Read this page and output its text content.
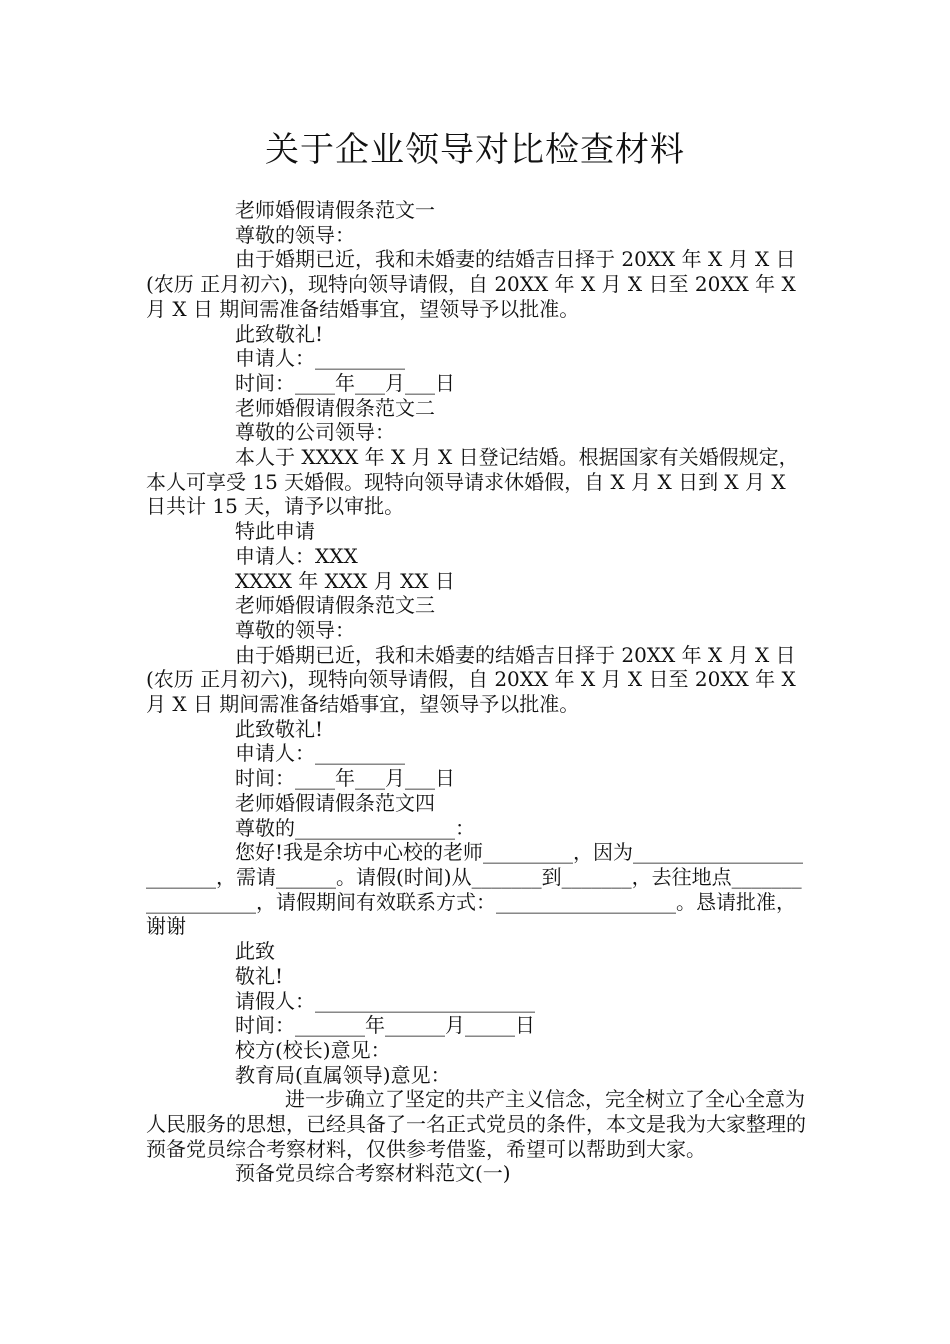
关于企业领导对比检查材料

老师婚假请假条范文一

尊敬的领导：

由于婚期已近，我和未婚妻的结婚吉日择于 20XX 年 X 月 X 日(农历 正月初六)，现特向领导请假，自 20XX 年 X 月 X 日至 20XX 年 X 月 X 日 期间需准备结婚事宜，望领导予以批准。

此致敬礼!

申请人：_________

时间：____年___月___日

老师婚假请假条范文二

尊敬的公司领导：

本人于 XXXX 年 X 月 X 日登记结婚。根据国家有关婚假规定，本人可享受 15 天婚假。现特向领导请求休婚假，自 X 月 X 日到 X 月 X 日共计 15 天，请予以审批。

特此申请

申请人：XXX

XXXX 年 XXX 月 XX 日

老师婚假请假条范文三

尊敬的领导：

由于婚期已近，我和未婚妻的结婚吉日择于 20XX 年 X 月 X 日(农历 正月初六)，现特向领导请假，自 20XX 年 X 月 X 日至 20XX 年 X 月 X 日 期间需准备结婚事宜，望领导予以批准。

此致敬礼!

申请人：_________

时间：____年___月___日

老师婚假请假条范文四

尊敬的________________：

您好!我是余坊中心校的老师_________，因为________________________，需请______。请假(时间)从_______到_______，去往地点__________________，请假期间有效联系方式：__________________。恳请批准，谢谢

此致

敬礼!

请假人：______________________

时间：_______年______月_____日

校方(校长)意见：

教育局(直属领导)意见：

进一步确立了坚定的共产主义信念，完全树立了全心全意为人民服务的思想，已经具备了一名正式党员的条件，本文是我为大家整理的预备党员综合考察材料，仅供参考借鉴，希望可以帮助到大家。

预备党员综合考察材料范文(一)
